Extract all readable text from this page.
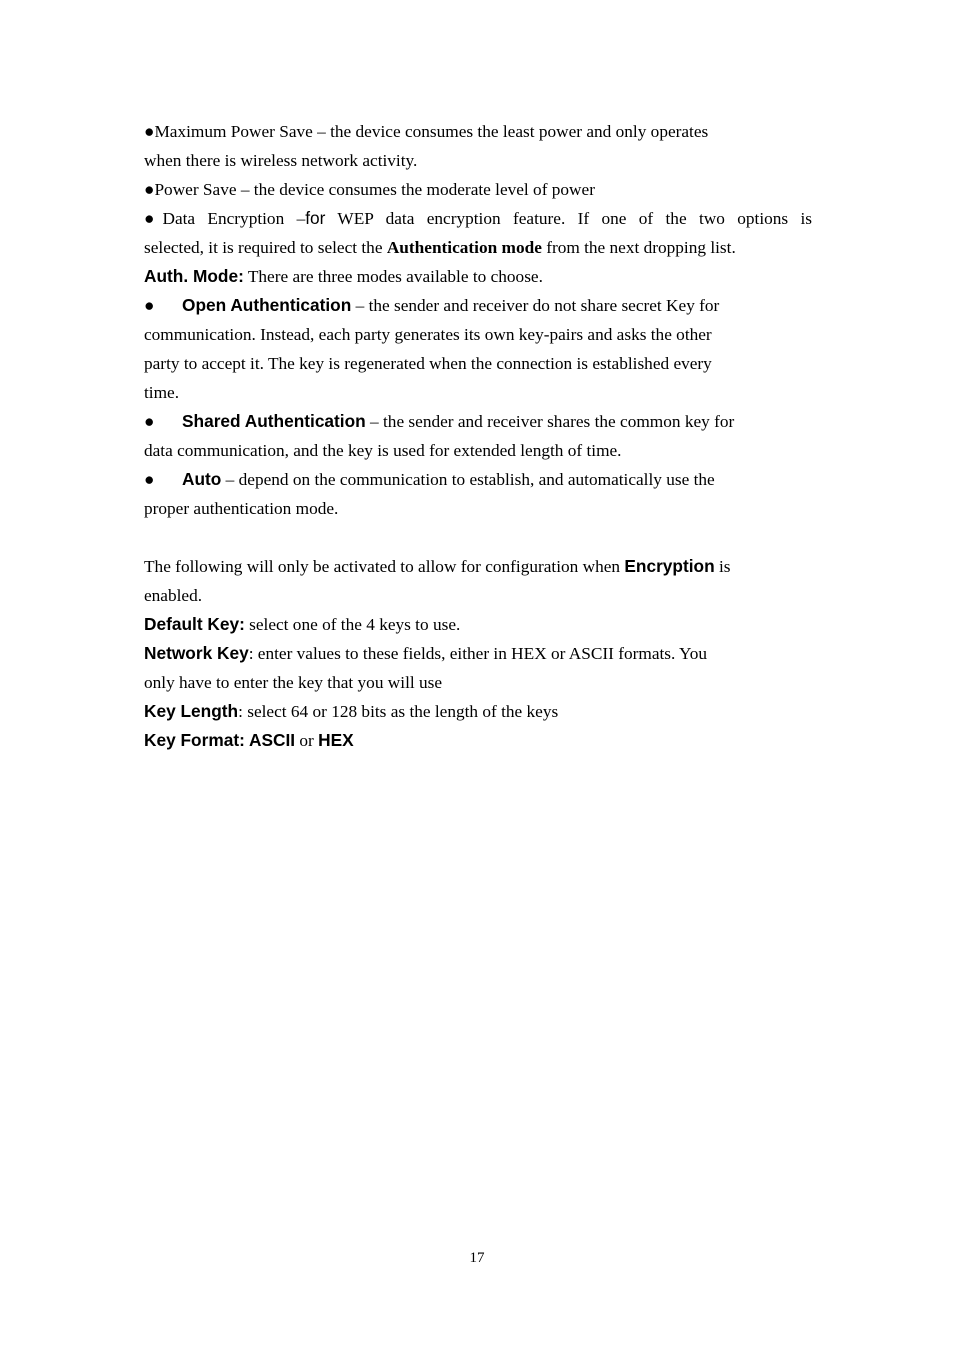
●Maximum Power Save – the device consumes the least power and only operates
when there is wireless network activity.
●Power Save – the device consumes the moderate level of power
●Data Encryption –for WEP data encryption feature. If one of the two options is
selected, it is required to select the Authentication mode from the next dropping list.
Auth. Mode: There are three modes available to choose.
● Open Authentication – the sender and receiver do not share secret Key for
communication. Instead, each party generates its own key-pairs and asks the other
party to accept it. The key is regenerated when the connection is established every
time.
● Shared Authentication – the sender and receiver shares the common key for
data communication, and the key is used for extended length of time.
● Auto – depend on the communication to establish, and automatically use the
proper authentication mode.
The following will only be activated to allow for configuration when Encryption is
enabled.
Default Key: select one of the 4 keys to use.
Network Key: enter values to these fields, either in HEX or ASCII formats. You
only have to enter the key that you will use
Key Length: select 64 or 128 bits as the length of the keys
Key Format: ASCII or HEX
17
